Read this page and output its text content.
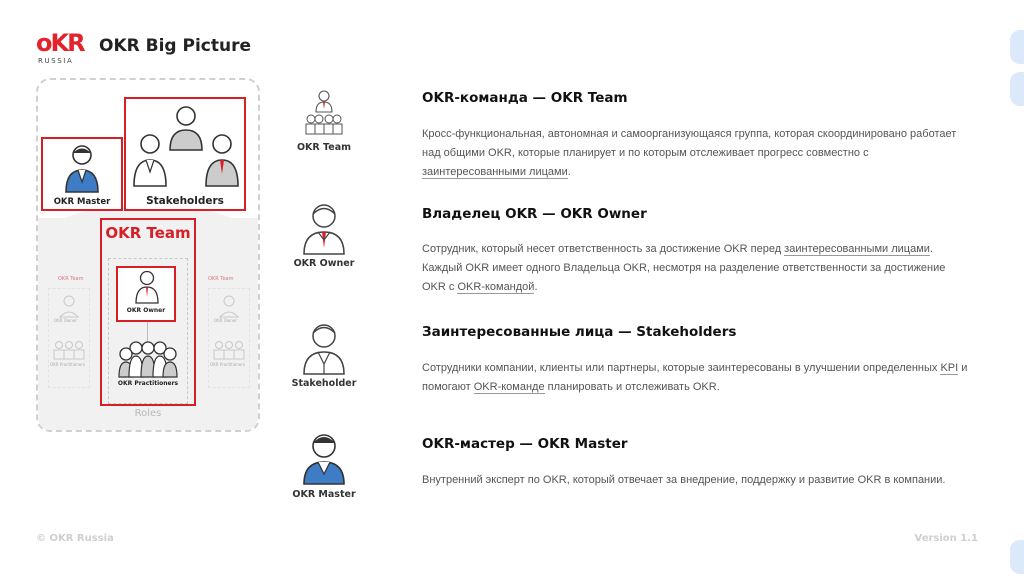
oKR
RUSSIA
OKR Big Picture
OKR Team	OKR Team
OKR Owner
OKR Practitioners
OKR Owner
OKR Practitioners
OKR Master	Stakeholders
OKR Team
OKR Owner
OKR Practitioners
Roles
OKR Team
OKR-команда — OKR Team
Кросс-функциональная, автономная и самоорганизующаяся группа, которая скоординировано работает над общими OKR, которые планирует и по которым отслеживает прогресс совместно с заинтересованными лицами.
OKR Owner
Владелец OKR — OKR Owner
Сотрудник, который несет ответственность за достижение OKR перед заинтересованными лицами. Каждый OKR имеет одного Владельца OKR, несмотря на разделение ответственности за достижение OKR с OKR-командой.
Stakeholder
Заинтересованные лица — Stakeholders
Сотрудники компании, клиенты или партнеры, которые заинтересованы в улучшении определенных KPI и помогают OKR-команде планировать и отслеживать OKR.
OKR Master
OKR-мастер — OKR Master
Внутренний эксперт по OKR, который отвечает за внедрение, поддержку и развитие OKR в компании.
© OKR Russia	Version 1.1
